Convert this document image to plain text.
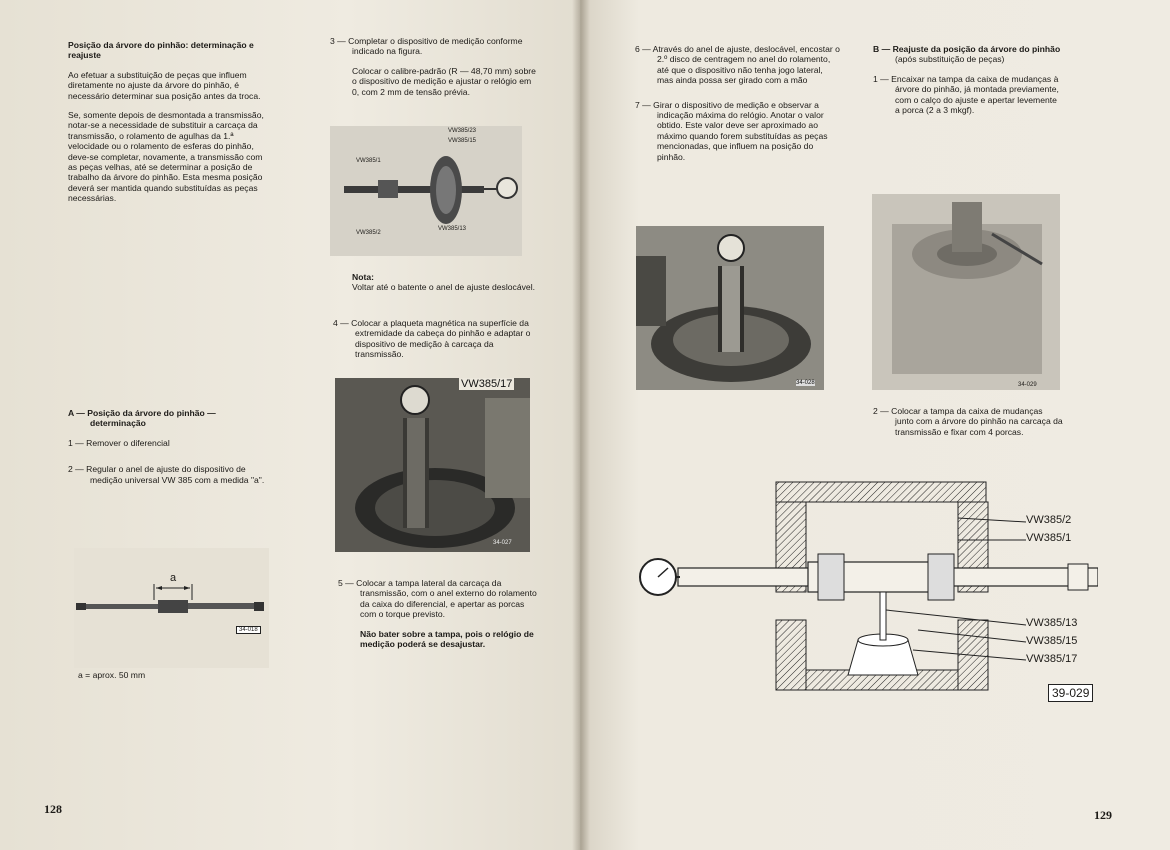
Posição da árvore do pinhão: determinação e reajuste

Ao efetuar a substituição de peças que influem diretamente no ajuste da árvore do pinhão, é necessário determinar sua posição antes da troca.

Se, somente depois de desmontada a transmissão, notar-se a necessidade de substituir a carcaça da transmissão, o rolamento de agulhas da 1.ª velocidade ou o rolamento de esferas do pinhão, deve-se completar, novamente, a transmissão com as peças velhas, até se determinar a posição de trabalho da árvore do pinhão. Esta mesma posição deverá ser mantida quando substituídas as peças necessárias.

A — Posição da árvore do pinhão — determinação

1 — Remover o diferencial

2 — Regular o anel de ajuste do dispositivo de medição universal VW 385 com a medida "a".

a
34-018
a = aprox. 50 mm

3 — Completar o dispositivo de medição conforme indicado na figura.

Colocar o calibre-padrão (R — 48,70 mm) sobre o dispositivo de medição e ajustar o relógio em 0, com 2 mm de tensão prévia.

VW385/23
VW385/15
VW385/1
VW385/2
VW385/13

Nota:

Voltar até o batente o anel de ajuste deslocável.

4 — Colocar a plaqueta magnética na superfície da extremidade da cabeça do pinhão e adaptar o dispositivo de medição à carcaça da transmissão.

VW385/17
34-027

5 — Colocar a tampa lateral da carcaça da transmissão, com o anel externo do rolamento da caixa do diferencial, e apertar as porcas com o torque previsto.

Não bater sobre a tampa, pois o relógio de medição poderá se desajustar.

128

6 — Através do anel de ajuste, deslocável, encostar o 2.º disco de centragem no anel do rolamento, até que o dispositivo não tenha jogo lateral, mas ainda possa ser girado com a mão

7 — Girar o dispositivo de medição e observar a indicação máxima do relógio. Anotar o valor obtido. Este valor deve ser aproximado ao máximo quando forem substituídas as peças mencionadas, que influem na posição do pinhão.

34-028

B — Reajuste da posição da árvore do pinhão

(após substituição de peças)

1 — Encaixar na tampa da caixa de mudanças à árvore do pinhão, já montada previamente, com o calço do ajuste e apertar levemente a porca (2 a 3 mkgf).

34-029

2 — Colocar a tampa da caixa de mudanças junto com a árvore do pinhão na carcaça da transmissão e fixar com 4 porcas.

VW385/2
VW385/1
VW385/13
VW385/15
VW385/17
39-029
129
